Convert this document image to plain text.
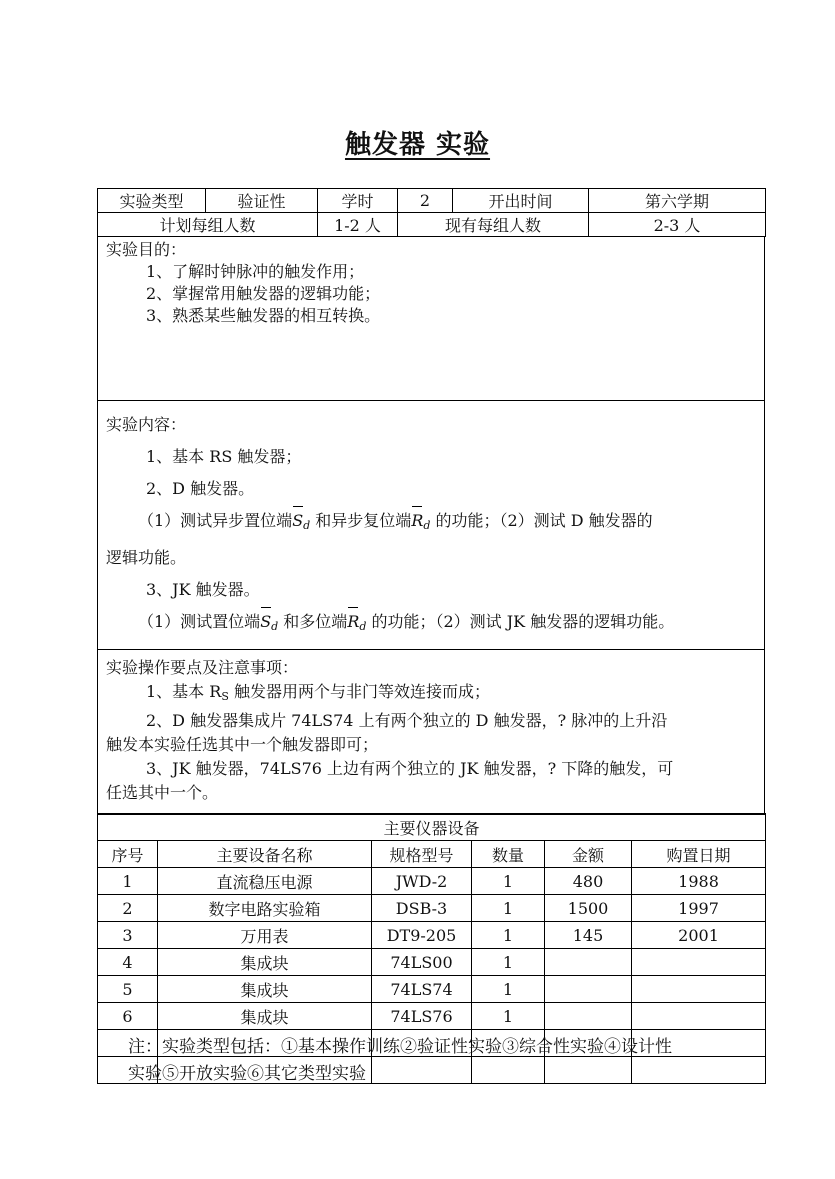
触发器 实验
实验类型	验证性	学时	2	开出时间	第六学期
计划每组人数	1-2 人	现有每组人数	2-3 人

实验目的：

1、了解时钟脉冲的触发作用；

2、掌握常用触发器的逻辑功能；

3、熟悉某些触发器的相互转换。

实验内容：

1、基本 RS 触发器；

2、D 触发器。

（1）测试异步置位端
$S_d$ 和异步复位端
$R_d$ 的功能；（2）测试 D 触发器的

逻辑功能。

3、JK 触发器。

（1）测试置位端
$S_d$ 和多位端
$R_d$ 的功能；（2）测试 JK 触发器的逻辑功能。

实验操作要点及注意事项：

1、基本 $R_S$ 触发器用两个与非门等效连接而成；

2、D 触发器集成片 74LS74 上有两个独立的 D 触发器，? 脉冲的上升沿

触发本实验任选其中一个触发器即可；

3、JK 触发器，74LS76 上边有两个独立的 JK 触发器，? 下降的触发，可

任选其中一个。

主要仪器设备					
序号	主要设备名称	规格型号	数量	金额	购置日期
1	直流稳压电源	JWD-2	1	480	1988
2	数字电路实验箱	DSB-3	1	1500	1997
3	万用表	DT9-205	1	145	2001
4	集成块	74LS00	1		
5	集成块	74LS74	1		
6	集成块	74LS76	1		

注：实验类型包括：①基本操作训练②验证性实验③综合性实验④设计性
实验⑤开放实验⑥其它类型实验
